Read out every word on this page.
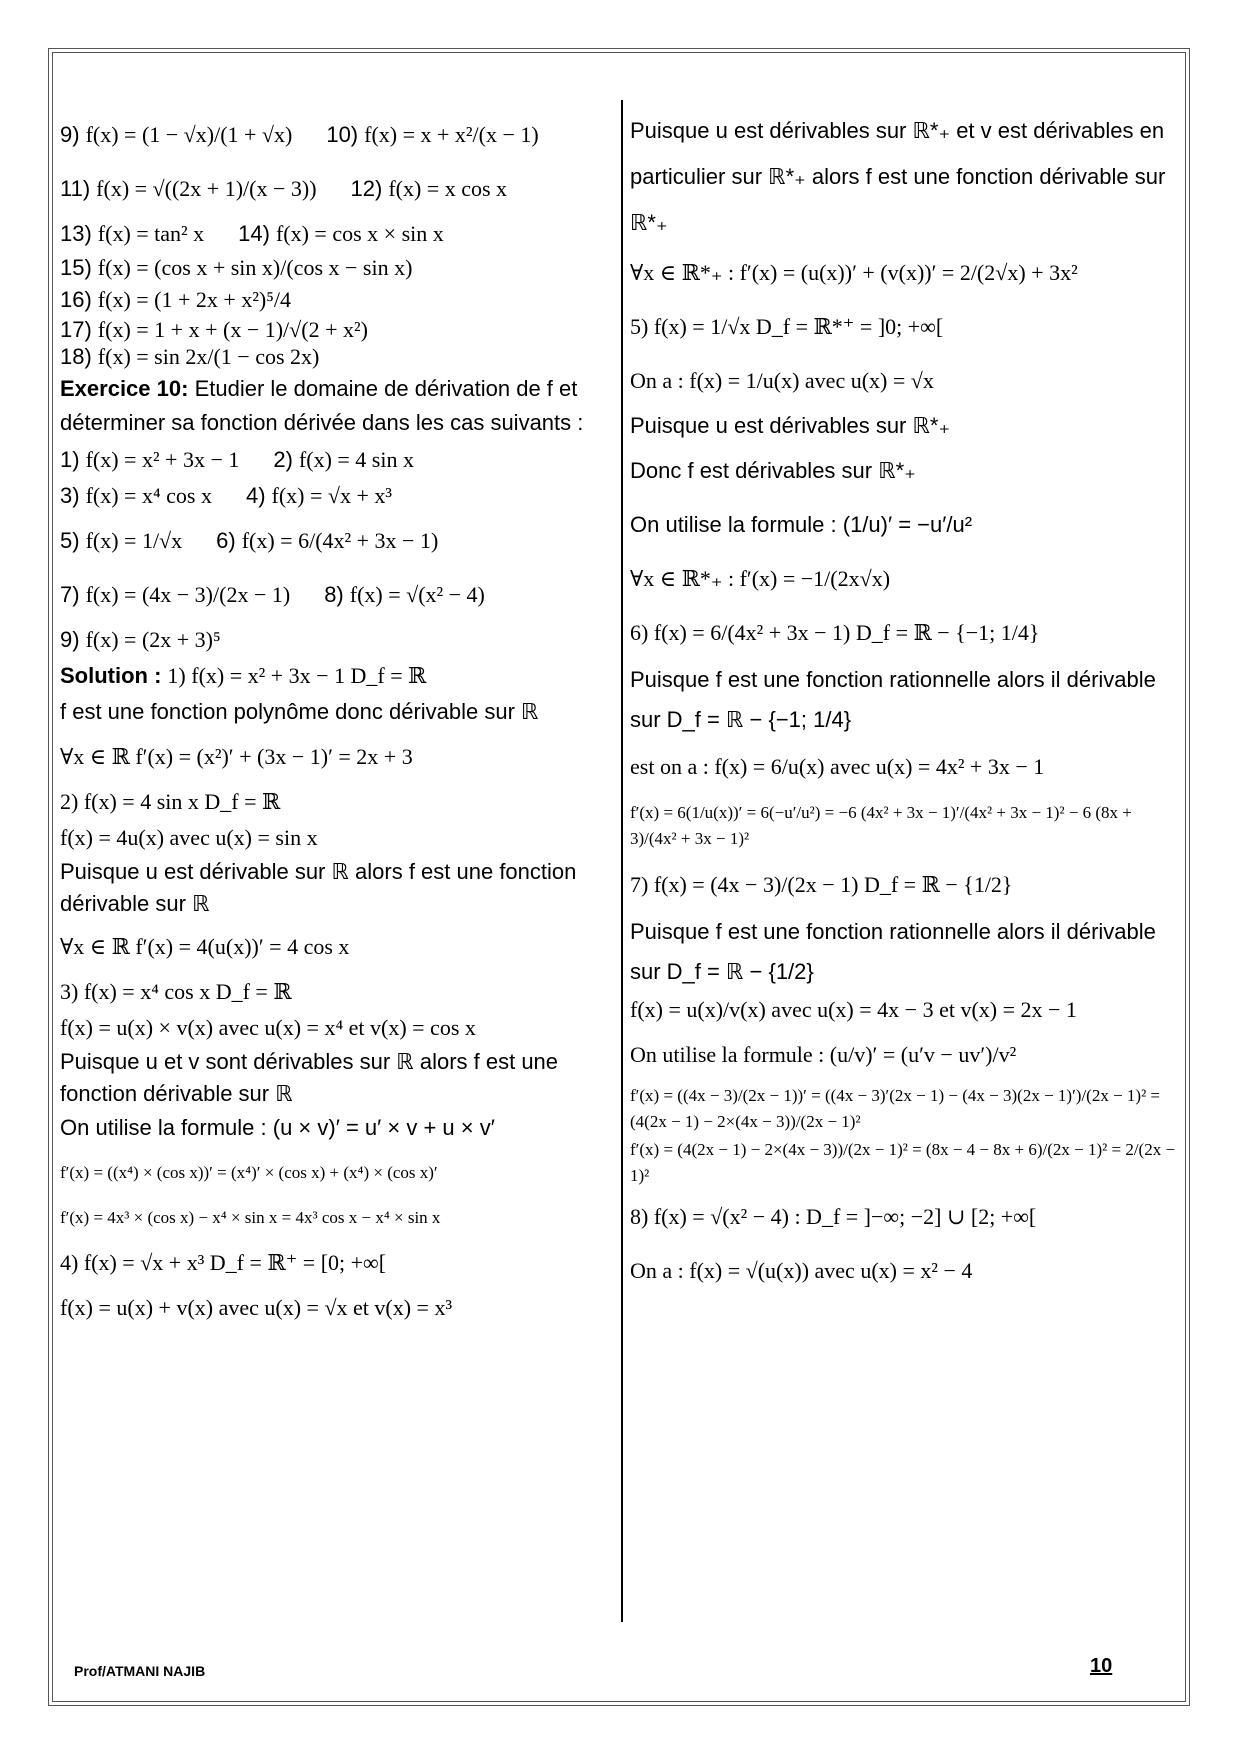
9) f(x) = (1 − √x)/(1 + √x) 10) f(x) = x + x²/(x − 1)
11) f(x) = √((2x + 1)/(x − 3)) 12) f(x) = x cos x
13) f(x) = tan² x 14) f(x) = cos x × sin x
15) f(x) = (cos x + sin x)/(cos x − sin x)
16) f(x) = (1 + 2x + x²)⁵/4
17) f(x) = 1 + x + (x − 1)/√(2 + x²)
18) f(x) = sin 2x/(1 − cos 2x)
Exercice 10: Etudier le domaine de dérivation de f et déterminer sa fonction dérivée dans les cas suivants :
1) f(x) = x² + 3x − 1 2) f(x) = 4 sin x
3) f(x) = x⁴ cos x 4) f(x) = √x + x³
5) f(x) = 1/√x 6) f(x) = 6/(4x² + 3x − 1)
7) f(x) = (4x − 3)/(2x − 1) 8) f(x) = √(x² − 4)
9) f(x) = (2x + 3)⁵
Solution : 1) f(x) = x² + 3x − 1 D_f = ℝ
f est une fonction polynôme donc dérivable sur ℝ
∀x ∈ ℝ f′(x) = (x²)′ + (3x − 1)′ = 2x + 3
2) f(x) = 4 sin x D_f = ℝ
f(x) = 4u(x) avec u(x) = sin x
Puisque u est dérivable sur ℝ alors f est une fonction dérivable sur ℝ
∀x ∈ ℝ f′(x) = 4(u(x))′ = 4 cos x
3) f(x) = x⁴ cos x D_f = ℝ
f(x) = u(x) × v(x) avec u(x) = x⁴ et v(x) = cos x
Puisque u et v sont dérivables sur ℝ alors f est une fonction dérivable sur ℝ
On utilise la formule : (u × v)′ = u′ × v + u × v′
f′(x) = ((x⁴) × (cos x))′ = (x⁴)′ × (cos x) + (x⁴) × (cos x)′
f′(x) = 4x³ × (cos x) − x⁴ × sin x = 4x³ cos x − x⁴ × sin x
4) f(x) = √x + x³ D_f = ℝ⁺ = [0; +∞[
f(x) = u(x) + v(x) avec u(x) = √x et v(x) = x³
Puisque u est dérivables sur ℝ*₊ et v est dérivables en particulier sur ℝ*₊ alors f est une fonction dérivable sur ℝ*₊
∀x ∈ ℝ*₊ : f′(x) = (u(x))′ + (v(x))′ = 2/(2√x) + 3x²
5) f(x) = 1/√x D_f = ℝ*⁺ = ]0; +∞[
On a : f(x) = 1/u(x) avec u(x) = √x
Puisque u est dérivables sur ℝ*₊
Donc f est dérivables sur ℝ*₊
On utilise la formule : (1/u)′ = −u′/u²
∀x ∈ ℝ*₊ : f′(x) = −1/(2x√x)
6) f(x) = 6/(4x² + 3x − 1) D_f = ℝ − {−1; 1/4}
Puisque f est une fonction rationnelle alors il dérivable sur D_f = ℝ − {−1; 1/4}
est on a : f(x) = 6/u(x) avec u(x) = 4x² + 3x − 1
f′(x) = 6(1/u(x))′ = 6(−u′/u²) = −6 (4x² + 3x − 1)′/(4x² + 3x − 1)² − 6 (8x + 3)/(4x² + 3x − 1)²
7) f(x) = (4x − 3)/(2x − 1) D_f = ℝ − {1/2}
Puisque f est une fonction rationnelle alors il dérivable sur D_f = ℝ − {1/2}
f(x) = u(x)/v(x) avec u(x) = 4x − 3 et v(x) = 2x − 1
On utilise la formule : (u/v)′ = (u′v − uv′)/v²
f′(x) = ((4x − 3)/(2x − 1))′ = ((4x − 3)′(2x − 1) − (4x − 3)(2x − 1)′)/(2x − 1)² = (4(2x − 1) − 2×(4x − 3))/(2x − 1)²
f′(x) = (4(2x − 1) − 2×(4x − 3))/(2x − 1)² = (8x − 4 − 8x + 6)/(2x − 1)² = 2/(2x − 1)²
8) f(x) = √(x² − 4) : D_f = ]−∞; −2] ∪ [2; +∞[
On a : f(x) = √(u(x)) avec u(x) = x² − 4
Prof/ATMANI NAJIB	10
